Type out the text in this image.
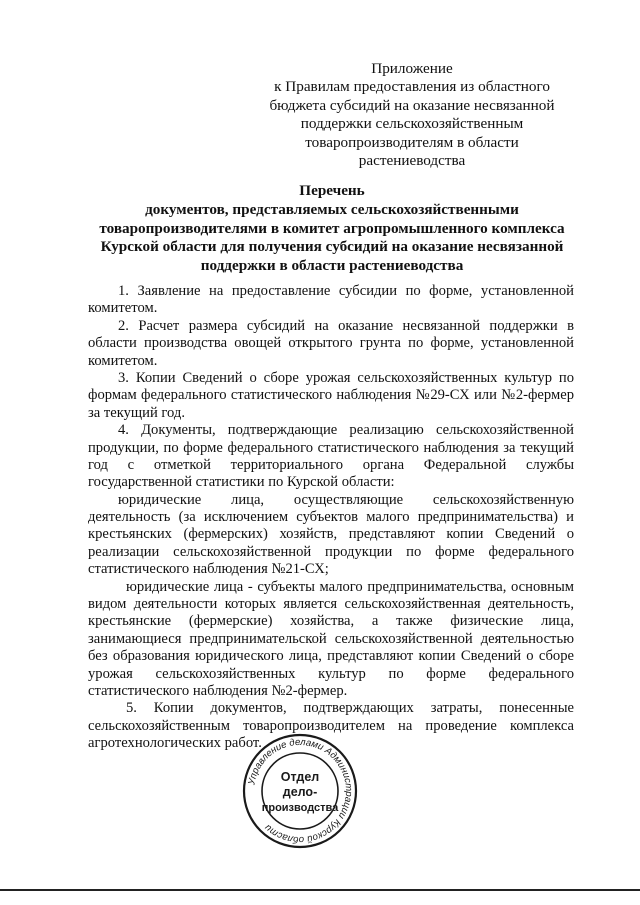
Приложение
к Правилам предоставления из областного
бюджета субсидий на оказание несвязанной
поддержки сельскохозяйственным
товаропроизводителям в области
растениеводства
Перечень
документов, представляемых сельскохозяйственными
товаропроизводителями в комитет агропромышленного комплекса
Курской области для получения субсидий на оказание несвязанной
поддержки в области растениеводства
1. Заявление на предоставление субсидии по форме, установленной
комитетом.
2. Расчет размера субсидий на оказание несвязанной поддержки в
области производства овощей открытого грунта по форме, установленной
комитетом.
3. Копии Сведений о сборе урожая сельскохозяйственных культур по
формам федерального статистического наблюдения №29-СХ или №2-фермер
за текущий год.
4. Документы, подтверждающие реализацию сельскохозяйственной
продукции, по форме федерального статистического наблюдения за текущий
год с отметкой территориального органа Федеральной службы
государственной статистики по Курской области:
юридические лица, осуществляющие сельскохозяйственную
деятельность (за исключением субъектов малого предпринимательства) и
крестьянских (фермерских) хозяйств, представляют копии Сведений о
реализации сельскохозяйственной продукции по форме федерального
статистического наблюдения №21-СХ;
юридические лица - субъекты малого предпринимательства, основным
видом деятельности которых является сельскохозяйственная деятельность,
крестьянские (фермерские) хозяйства, а также физические лица,
занимающиеся предпринимательской сельскохозяйственной деятельностью
без образования юридического лица, представляют копии Сведений о сборе
урожая сельскохозяйственных культур по форме федерального
статистического наблюдения №2-фермер.
5. Копии документов, подтверждающих затраты, понесенные
сельскохозяйственным товаропроизводителем на проведение комплекса
агротехнологических работ.
Управление делами Администрации Курской области
Отдел
дело-
производства
